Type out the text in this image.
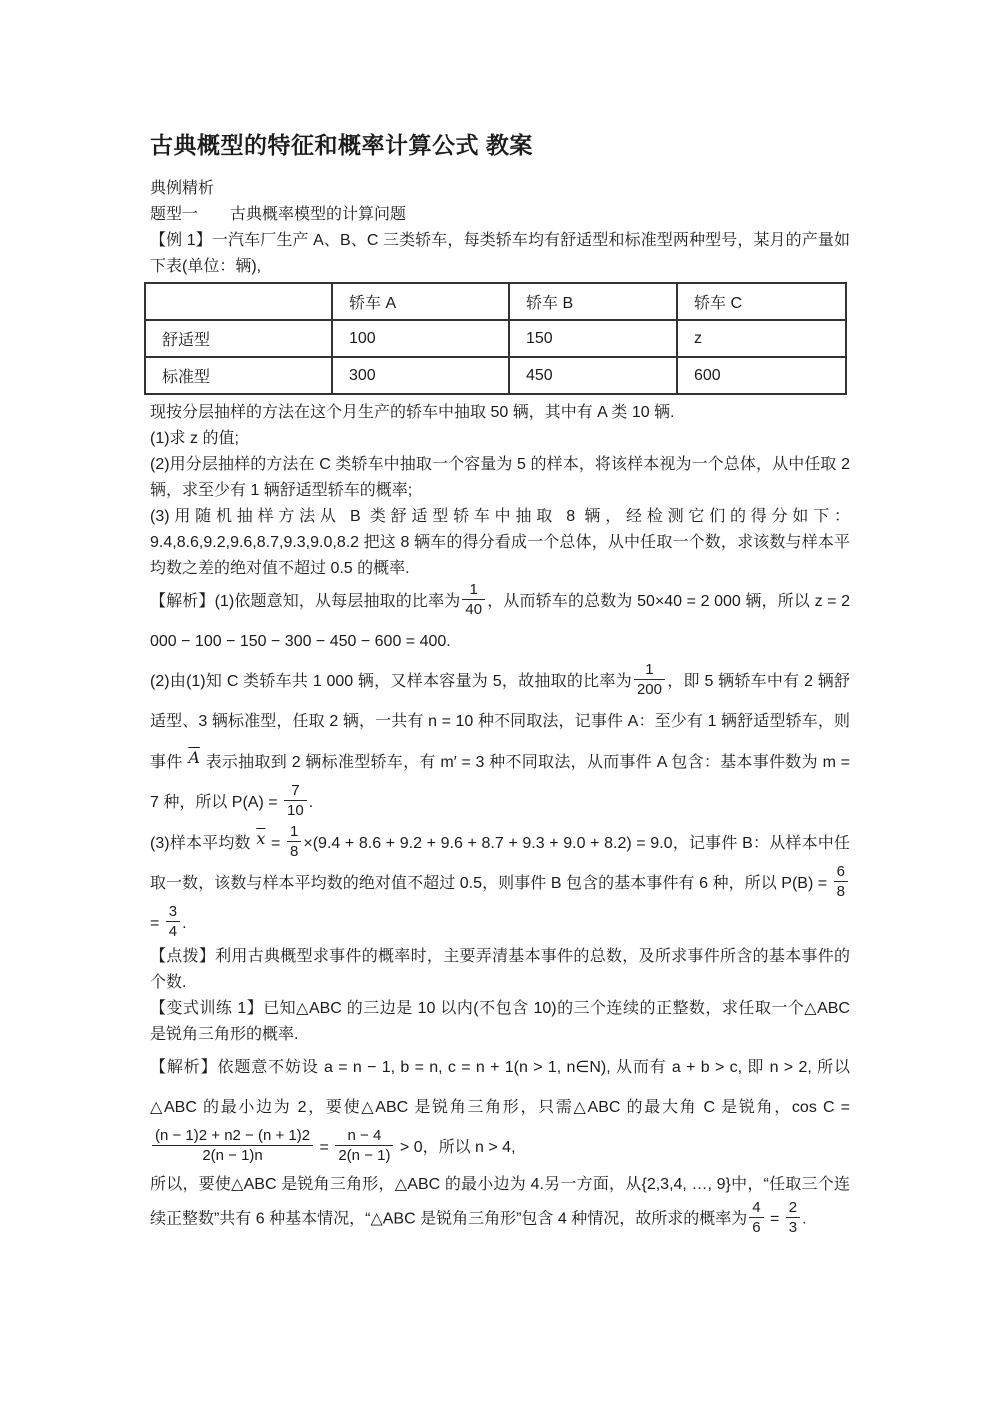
古典概型的特征和概率计算公式 教案

典例精析

题型一　　古典概率模型的计算问题

【例 1】一汽车厂生产 A、B、C 三类轿车，每类轿车均有舒适型和标准型两种型号，某月的产量如下表(单位：辆),

	轿车 A	轿车 B	轿车 C
舒适型	100	150	z
标准型	300	450	600

现按分层抽样的方法在这个月生产的轿车中抽取 50 辆，其中有 A 类 10 辆.

(1)求 z 的值;

(2)用分层抽样的方法在 C 类轿车中抽取一个容量为 5 的样本，将该样本视为一个总体，从中任取 2 辆，求至少有 1 辆舒适型轿车的概率;

(3)用随机抽样方法从 B 类舒适型轿车中抽取 8 辆，经检测它们的得分如下：9.4,8.6,9.2,9.6,8.7,9.3,9.0,8.2 把这 8 辆车的得分看成一个总体，从中任取一个数，求该数与样本平均数之差的绝对值不超过 0.5 的概率.

【解析】(1)依题意知，从每层抽取的比率为 $\frac{1}{40}$ ，从而轿车的总数为 50×40 = 2 000 辆，所以 z = 2 000 − 100 − 150 − 300 − 450 − 600 = 400.

(2)由(1)知 C 类轿车共 1 000 辆，又样本容量为 5，故抽取的比率为 $\frac{1}{200}$ ，即 5 辆轿车中有 2 辆舒适型、3 辆标准型，任取 2 辆，一共有 n = 10 种不同取法，记事件 A：至少有 1 辆舒适型轿车，则事件 $\overline{A}$ 表示抽取到 2 辆标准型轿车，有 m′ = 3 种不同取法，从而事件 A 包含：基本事件数为 m = 7 种，所以 $P(A) = \frac{7}{10}$ .

(3)样本平均数 $\overline{x} = \frac{1}{8} \times(9.4 + 8.6 + 9.2 + 9.6 + 8.7 + 9.3 + 9.0 + 8.2) = 9.0$，记事件 B：从样本中任取一数，该数与样本平均数的绝对值不超过 0.5，则事件 B 包含的基本事件有 6 种，所以 $P(B) = \frac{6}{8}$
= $\frac{3}{4}$ .

【点拨】利用古典概型求事件的概率时，主要弄清基本事件的总数，及所求事件所含的基本事件的个数.

【变式训练 1】已知△ABC 的三边是 10 以内(不包含 10)的三个连续的正整数，求任取一个△ABC 是锐角三角形的概率.

【解析】依题意不妨设 a = n − 1, b = n, c = n + 1(n > 1, n∈N), 从而有 a + b > c, 即 n > 2, 所以△ABC 的最小边为 2，要使△ABC 是锐角三角形，只需△ABC 的最大角 C 是锐角，cos C =
$\frac{(n - 1)2 + n2 - (n + 1)2}{2(n - 1)n} = \frac{n - 4}{2(n - 1)} > 0$，所以 n > 4,

所以，要使△ABC 是锐角三角形，△ABC 的最小边为 4.另一方面，从{2,3,4, …, 9}中，“任取三个连续正整数”共有 6 种基本情况，“△ABC 是锐角三角形”包含 4 种情况，故所求的概率为 $\frac{4}{6} = \frac{2}{3}$ .
